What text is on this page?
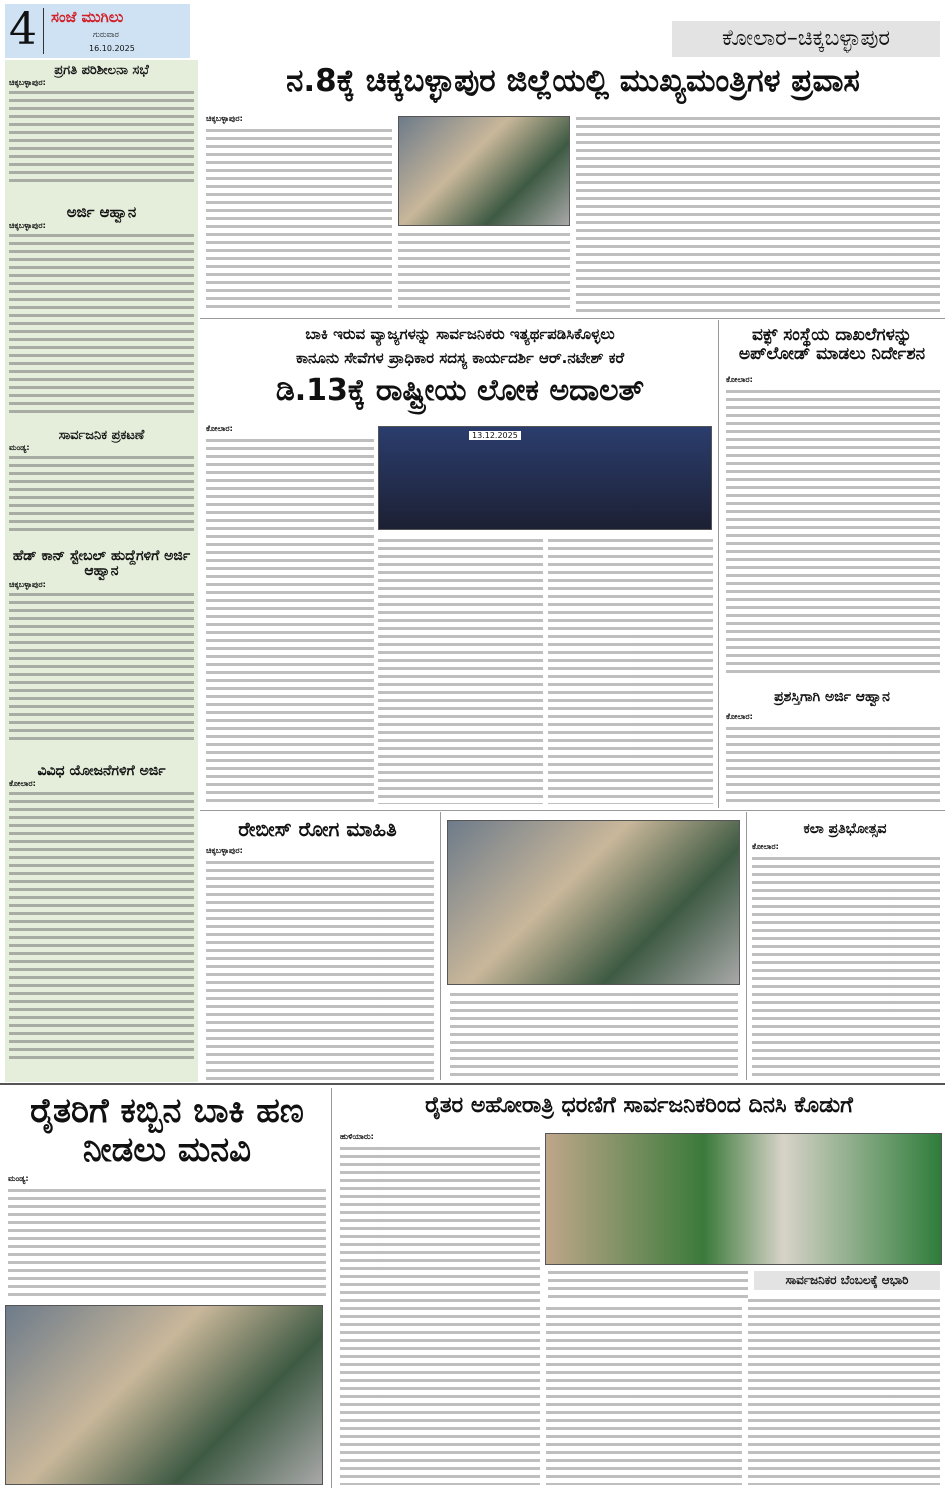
4 ಸಂಜೆ ಮುಗಿಲು
ಗುರುವಾರ
16.10.2025	ಕೋಲಾರ–ಚಿಕ್ಕಬಳ್ಳಾಪುರ
ಪ್ರಗತಿ ಪರಿಶೀಲನಾ ಸಭೆ
ಚಿಕ್ಕಬಳ್ಳಾಪುರ:
ಅರ್ಜಿ ಆಹ್ವಾನ
ಚಿಕ್ಕಬಳ್ಳಾಪುರ:
ಸಾರ್ವಜನಿಕ ಪ್ರಕಟಣೆ
ಮಂಡ್ಯ:
ಹೆಡ್ ಕಾನ್ ಸ್ಟೇಬಲ್ ಹುದ್ದೆಗಳಿಗೆ ಅರ್ಜಿ ಆಹ್ವಾನ
ಚಿಕ್ಕಬಳ್ಳಾಪುರ:
ವಿವಿಧ ಯೋಜನೆಗಳಿಗೆ ಅರ್ಜಿ
ಕೋಲಾರ:
ನ.8ಕ್ಕೆ ಚಿಕ್ಕಬಳ್ಳಾಪುರ ಜಿಲ್ಲೆಯಲ್ಲಿ ಮುಖ್ಯಮಂತ್ರಿಗಳ ಪ್ರವಾಸ
ಚಿಕ್ಕಬಳ್ಳಾಪುರ:
ಬಾಕಿ ಇರುವ ವ್ಯಾಜ್ಯಗಳನ್ನು ಸಾರ್ವಜನಿಕರು ಇತ್ಯರ್ಥಪಡಿಸಿಕೊಳ್ಳಲು
ಕಾನೂನು ಸೇವೆಗಳ ಪ್ರಾಧಿಕಾರ ಸದಸ್ಯ ಕಾರ್ಯದರ್ಶಿ ಆರ್.ನಟೇಶ್ ಕರೆ
ಡಿ.13ಕ್ಕೆ ರಾಷ್ಟ್ರೀಯ ಲೋಕ ಅದಾಲತ್
ಕೋಲಾರ:
13.12.2025
ವಕ್ಫ್ ಸಂಸ್ಥೆಯ ದಾಖಲೆಗಳನ್ನು ಅಪ್‌ಲೋಡ್ ಮಾಡಲು ನಿರ್ದೇಶನ
ಕೋಲಾರ:
ಪ್ರಶಸ್ತಿಗಾಗಿ ಅರ್ಜಿ ಆಹ್ವಾನ
ಕೋಲಾರ:
ರೇಬೀಸ್ ರೋಗ ಮಾಹಿತಿ
ಚಿಕ್ಕಬಳ್ಳಾಪುರ:
ಕಲಾ ಪ್ರತಿಭೋತ್ಸವ
ಕೋಲಾರ:
ರೈತರಿಗೆ ಕಬ್ಬಿನ ಬಾಕಿ ಹಣ ನೀಡಲು ಮನವಿ
ಮಂಡ್ಯ:
ರೈತರ ಅಹೋರಾತ್ರಿ ಧರಣಿಗೆ ಸಾರ್ವಜನಿಕರಿಂದ ದಿನಸಿ ಕೊಡುಗೆ
ಹುಳಿಯಾರು:
ಸಾರ್ವಜನಿಕರ ಬೆಂಬಲಕ್ಕೆ ಆಭಾರಿ
